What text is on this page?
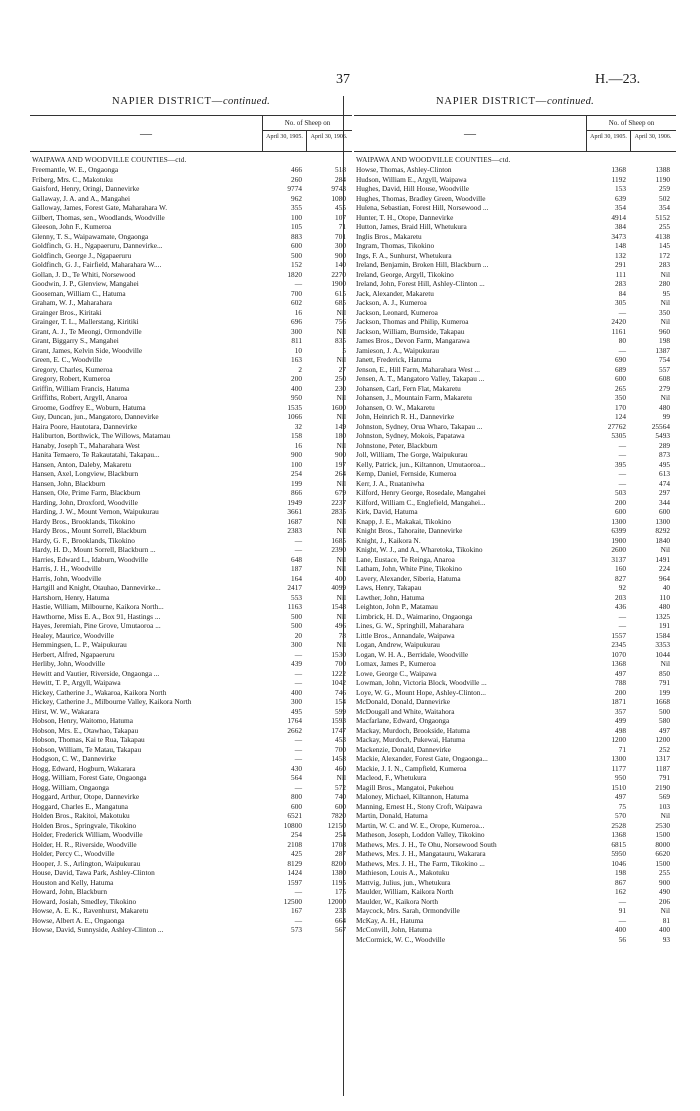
37	H.—23.
NAPIER DISTRICT—continued.
—
No. of Sheep on
April 30, 1905.	April 30, 1906.
WAIPAWA AND WOODVILLE COUNTIES—ctd.
Freemantle, W. E., Ongaonga	466	518
Friberg, Mrs. C., Makotuku	260	284
Gaisford, Henry, Oringi, Dannevirke	9774	9743
Gallaway, J. A. and A., Mangahei	962	1080
Galloway, James, Forest Gate, Maharahara W.	355	455
Gilbert, Thomas, sen., Woodlands, Woodville	100	107
Gleeson, John F., Kumeroa	105	71
Glenny, T. S., Waipawamate, Ongaonga	883	701
Goldfinch, G. H., Ngapaeruru, Dannevirke...	600	300
Goldfinch, George J., Ngapaeruru	500	900
Goldfinch, G. J., Fairfield, Maharahara W....	152	140
Gollan, J. D., Te Whiti, Norsewood	1820	2270
Goodwin, J. P., Glenview, Mangahei	—	1900
Gooseman, William C., Hatuma	700	615
Graham, W. J., Maharahara	602	685
Grainger Bros., Kiritaki	16	Nil
Grainger, T. L., Mallerstang, Kiritiki	696	756
Grant, A. J., Te Meongi, Ormondville	300	Nil
Grant, Biggarry S., Mangahei	811	835
Grant, James, Kelvin Side, Woodville	10	5
Green, E. C., Woodville	163	Nil
Gregory, Charles, Kumeroa	2	27
Gregory, Robert, Kumeroa	200	250
Griffin, William Francis, Hatuma	400	230
Griffiths, Robert, Argyll, Anaroa	950	Nil
Groome, Godfrey E., Woburn, Hatuma	1535	1600
Guy, Duncan, jun., Mangatoro, Dannevirke	1066	Nil
Haira Poore, Hautotara, Dannevirke	32	149
Haliburton, Borthwick, The Willows, Matamau	158	180
Hanaby, Joseph T., Maharahara West	16	Nil
Hanita Temaero, Te Rakautatahi, Takapau...	900	900
Hansen, Anton, Daleby, Makaretu	100	197
Hansen, Axel, Longview, Blackburn	254	264
Hansen, John, Blackburn	199	Nil
Hansen, Ole, Prime Farm, Blackburn	866	679
Harding, John, Droxford, Woodville	1949	2237
Harding, J. W., Mount Vernon, Waipukurau	3661	2835
Hardy Bros., Brooklands, Tikokino	1687	Nil
Hardy Bros., Mount Sorrell, Blackburn	2383	Nil
Hardy, G. F., Brooklands, Tikokino	—	1685
Hardy, H. D., Mount Sorrell, Blackburn ...	—	2390
Harries, Edward L., Idaburn, Woodville	648	Nil
Harris, J. H., Woodville	187	Nil
Harris, John, Woodville	164	400
Hartgill and Knight, Otauhao, Dannevirke...	2417	4099
Hartshorn, Henry, Hatuma	553	Nil
Hastie, William, Milbourne, Kaikora North...	1163	1548
Hawthorne, Miss E. A., Box 91, Hastings ...	500	Nil
Hayes, Jeremiah, Pine Grove, Umutaoroa ...	500	496
Healey, Maurice, Woodville	20	78
Hemmingsen, L. P., Waipukurau	300	Nil
Herbert, Alfred, Ngapaeruru	—	1530
Herliby, John, Woodville	439	700
Hewitt and Vautier, Riverside, Ongaonga ...	—	1222
Hewitt, T. P., Argyll, Waipawa	—	1042
Hickey, Catherine J., Wakaroa, Kaikora North	400	746
Hickey, Catherine J., Milbourne Valley, Kaikora North	300	154
Hirst, W. W., Wakarara	495	599
Hobson, Henry, Waitomo, Hatuma	1764	1593
Hobson, Mrs. E., Otawhao, Takapau	2662	1747
Hobson, Thomas, Kai te Rua, Takapau	—	453
Hobson, William, Te Matau, Takapau	—	700
Hodgson, C. W., Dannevirke	—	1458
Hogg, Edward, Hogburn, Wakarara	430	460
Hogg, William, Forest Gate, Ongaonga	564	Nil
Hogg, William, Ongaonga	—	572
Hoggard, Arthur, Otope, Dannevirke	800	740
Hoggard, Charles E., Mangatuna	600	600
Holden Bros., Rakitoi, Makotuku	6521	7820
Holden Bros., Springvale, Tikokino	10800	12150
Holder, Frederick William, Woodville	254	254
Holder, H. R., Riverside, Woodville	2108	1708
Holder, Percy C., Woodville	425	287
Hooper, J. S., Arlington, Waipukurau	8129	8200
House, David, Tawa Park, Ashley-Clinton	1424	1380
Houston and Kelly, Hatuma	1597	1195
Howard, John, Blackburn	—	175
Howard, Josiah, Smedley, Tikokino	12500	12000
Howse, A. E. K., Ravenhurst, Makaretu	167	233
Howse, Albert A. E., Ongaonga	—	664
Howse, David, Sunnyside, Ashley-Clinton ...	573	567
NAPIER DISTRICT—continued.
—
No. of Sheep on
April 30, 1905.	April 30, 1906.
WAIPAWA AND WOODVILLE COUNTIES—ctd.
Howse, Thomas, Ashley-Clinton	1368	1388
Hudson, William E., Argyll, Waipawa	1192	1190
Hughes, David, Hill House, Woodville	153	259
Hughes, Thomas, Bradley Green, Woodville	639	502
Hulena, Sebastian, Forest Hill, Norsewood ...	354	354
Hunter, T. H., Otope, Dannevirke	4914	5152
Hutton, James, Braid Hill, Whetukura	384	255
Inglis Bros., Makaretu	3473	4138
Ingram, Thomas, Tikokino	148	145
Ings, F. A., Sunhurst, Whetukura	132	172
Ireland, Benjamin, Broken Hill, Blackburn ...	291	283
Ireland, George, Argyll, Tikokino	111	Nil
Ireland, John, Forest Hill, Ashley-Clinton ...	283	280
Jack, Alexander, Makaretu	84	95
Jackson, A. J., Kumeroa	305	Nil
Jackson, Leonard, Kumeroa	—	350
Jackson, Thomas and Philip, Kumeroa	2420	Nil
Jackson, William, Burnside, Takapau	1161	960
James Bros., Devon Farm, Mangarawa	80	198
Jamieson, J. A., Waipukurau	—	1387
Janett, Frederick, Hatuma	690	754
Jenson, E., Hill Farm, Maharahara West ...	689	557
Jensen, A. T., Mangatoro Valley, Takapau ...	600	608
Johansen, Carl, Fern Flat, Makaretu	265	279
Johansen, J., Mountain Farm, Makaretu	350	Nil
Johansen, O. W., Makaretu	170	480
John, Heinrich R. H., Dannevirke	124	99
Johnston, Sydney, Oruа Wharo, Takapau ...	27762	25564
Johnston, Sydney, Mokois, Papatawa	5305	5493
Johnstone, Peter, Blackburn	—	289
Joll, William, The Gorge, Waipukurau	—	873
Kelly, Patrick, jun., Kiltannon, Umutaoroa...	395	495
Kemp, Daniel, Fernside, Kumeroa	—	613
Kerr, J. A., Ruataniwha	—	474
Kilford, Henry George, Rosedale, Mangahei	503	297
Kilford, William C., Englefield, Mangahei...	200	344
Kirk, David, Hatuma	600	600
Knapp, J. E., Makakai, Tikokino	1300	1300
Knight Bros., Tahoraite, Dannevirke	6399	8292
Knight, J., Kaikora N.	1900	1840
Knight, W. J., and A., Wharetoka, Tikokino	2600	Nil
Lane, Eustace, Te Reinga, Anaroa	3137	1491
Latham, John, White Pine, Tikokino	160	224
Lavery, Alexander, Siberia, Hatuma	827	964
Laws, Henry, Takapau	92	40
Lawther, John, Hatuma	203	110
Leighton, John P., Matamau	436	480
Limbrick, H. D., Waimarino, Ongaonga	—	1325
Lines, G. W., Springhill, Maharahara	—	191
Little Bros., Annandale, Waipawa	1557	1584
Logan, Andrew, Waipukurau	2345	3353
Logan, W. H. A., Berridale, Woodville	1070	1044
Lomax, James P., Kumeroa	1368	Nil
Lowe, George C., Waipawa	497	850
Lowman, John, Victoria Block, Woodville ...	788	791
Loye, W. G., Mount Hope, Ashley-Clinton...	200	199
McDonald, Donald, Dannevirke	1871	1668
McDougall and White, Waitahora	357	500
Macfarlane, Edward, Ongaonga	499	580
Mackay, Murdoch, Brookside, Hatuma	498	497
Mackay, Murdoch, Pukewai, Hatuma	1200	1200
Mackenzie, Donald, Dannevirke	71	252
Mackie, Alexander, Forest Gate, Ongaonga...	1300	1317
Mackie, J. I. N., Campfield, Kumeroa	1177	1187
Macleod, F., Whetukura	950	791
Magill Bros., Mangatoi, Pukehou	1510	2190
Maloney, Michael, Kiltannon, Hatuma	497	569
Manning, Ernest H., Stony Croft, Waipawa	75	103
Martin, Donald, Hatuma	570	Nil
Martin, W. C. and W. E., Orope, Kumeroa...	2528	2530
Matheson, Joseph, Loddon Valley, Tikokino	1368	1500
Mathews, Mrs. J. H., Te Ohu, Norsewood South	6815	8000
Mathews, Mrs. J. H., Mangatauru, Wakarara	5950	6620
Mathews, Mrs. J. H., The Farm, Tikokino ...	1046	1500
Mathieson, Louis A., Makotuku	198	255
Mattvig, Julius, jun., Whetukura	867	900
Maulder, William, Kaikora North	162	490
Maulder, W., Kaikora North	—	206
Maycock, Mrs. Sarah, Ormondville	91	Nil
McKay, A. H., Hatuma	—	81
McConvill, John, Hatuma	400	400
McCormick, W. C., Woodville	56	93
